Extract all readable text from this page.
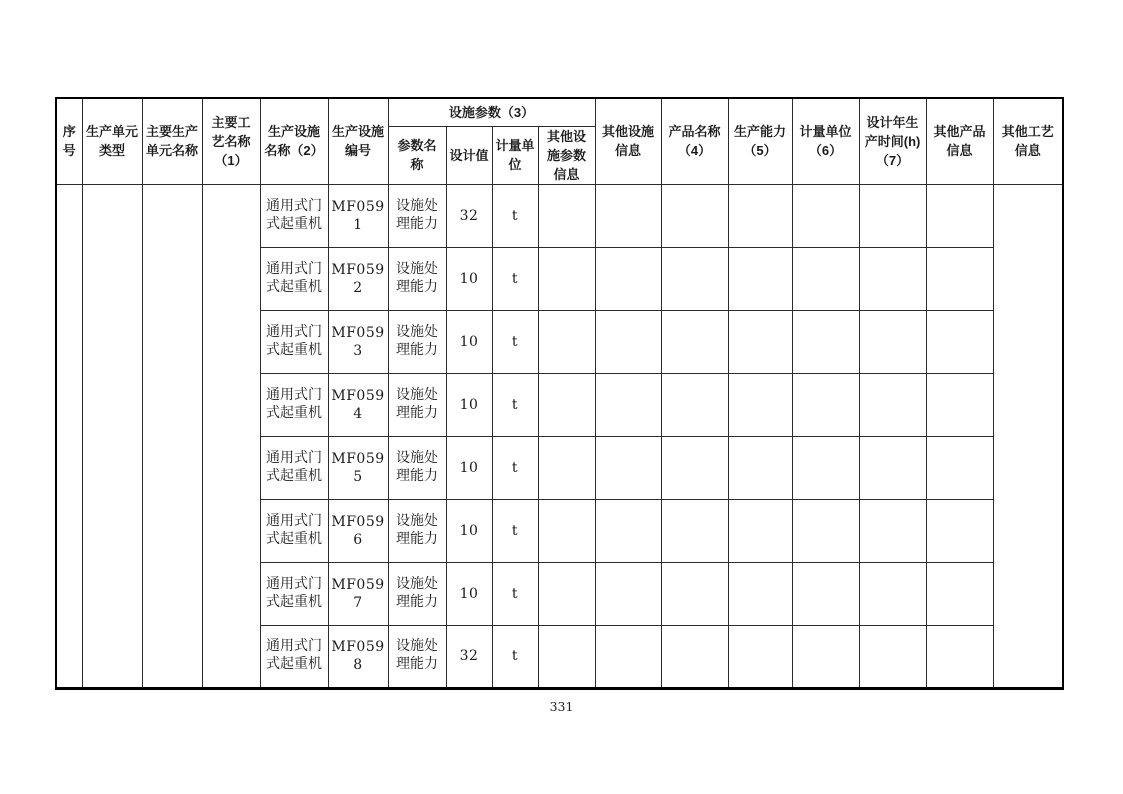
序号	生产单元类型	主要生产单元名称	主要工艺名称（1）	生产设施名称（2）	生产设施编号	设施参数（3）				其他设施信息	产品名称（4）	生产能力（5）	计量单位（6）	设计年生产时间(h)（7）	其他产品信息	其他工艺信息
						参数名称	设计值	计量单位	其他设施参数信息							
				通用式门式起重机	MF0591	设施处理能力	32	t								
				通用式门式起重机	MF0592	设施处理能力	10	t								
				通用式门式起重机	MF0593	设施处理能力	10	t								
				通用式门式起重机	MF0594	设施处理能力	10	t								
				通用式门式起重机	MF0595	设施处理能力	10	t								
				通用式门式起重机	MF0596	设施处理能力	10	t								
				通用式门式起重机	MF0597	设施处理能力	10	t								
				通用式门式起重机	MF0598	设施处理能力	32	t								
331
